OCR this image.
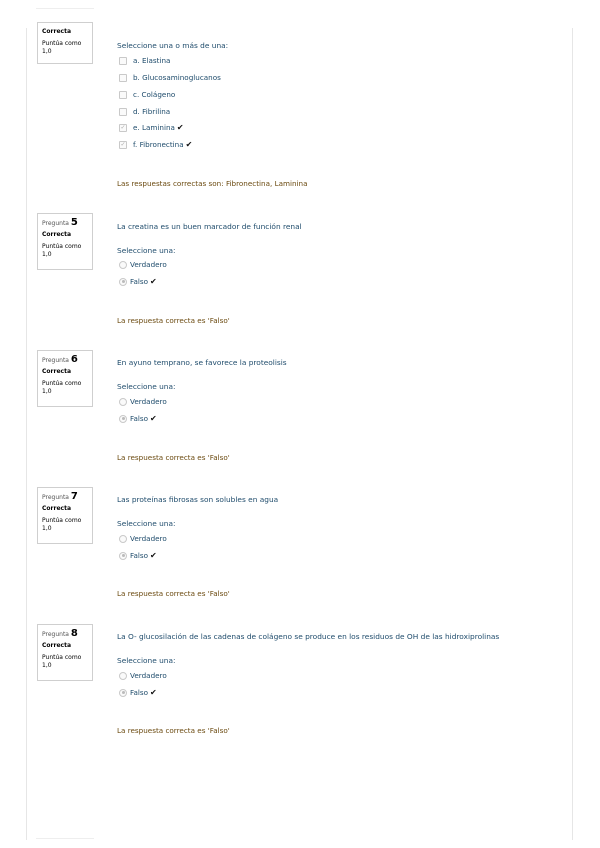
Correcta
Puntúa como
1,0
Seleccione una o más de una:
a. Elastina
b. Glucosaminoglucanos
c. Colágeno
d. Fibrilina
✓ e. Laminina ✔
✓ f. Fibronectina ✔
Las respuestas correctas son: Fibronectina, Laminina
Pregunta 5
Correcta
Puntúa como
1,0
La creatina es un buen marcador de función renal
Seleccione una:
Verdadero
Falso ✔
La respuesta correcta es 'Falso'
Pregunta 6
Correcta
Puntúa como
1,0
En ayuno temprano, se favorece la proteolisis
Seleccione una:
Verdadero
Falso ✔
La respuesta correcta es 'Falso'
Pregunta 7
Correcta
Puntúa como
1,0
Las proteínas fibrosas son solubles en agua
Seleccione una:
Verdadero
Falso ✔
La respuesta correcta es 'Falso'
Pregunta 8
Correcta
Puntúa como
1,0
La O- glucosilación de las cadenas de colágeno se produce en los residuos de OH de las hidroxiprolinas
Seleccione una:
Verdadero
Falso ✔
La respuesta correcta es 'Falso'
